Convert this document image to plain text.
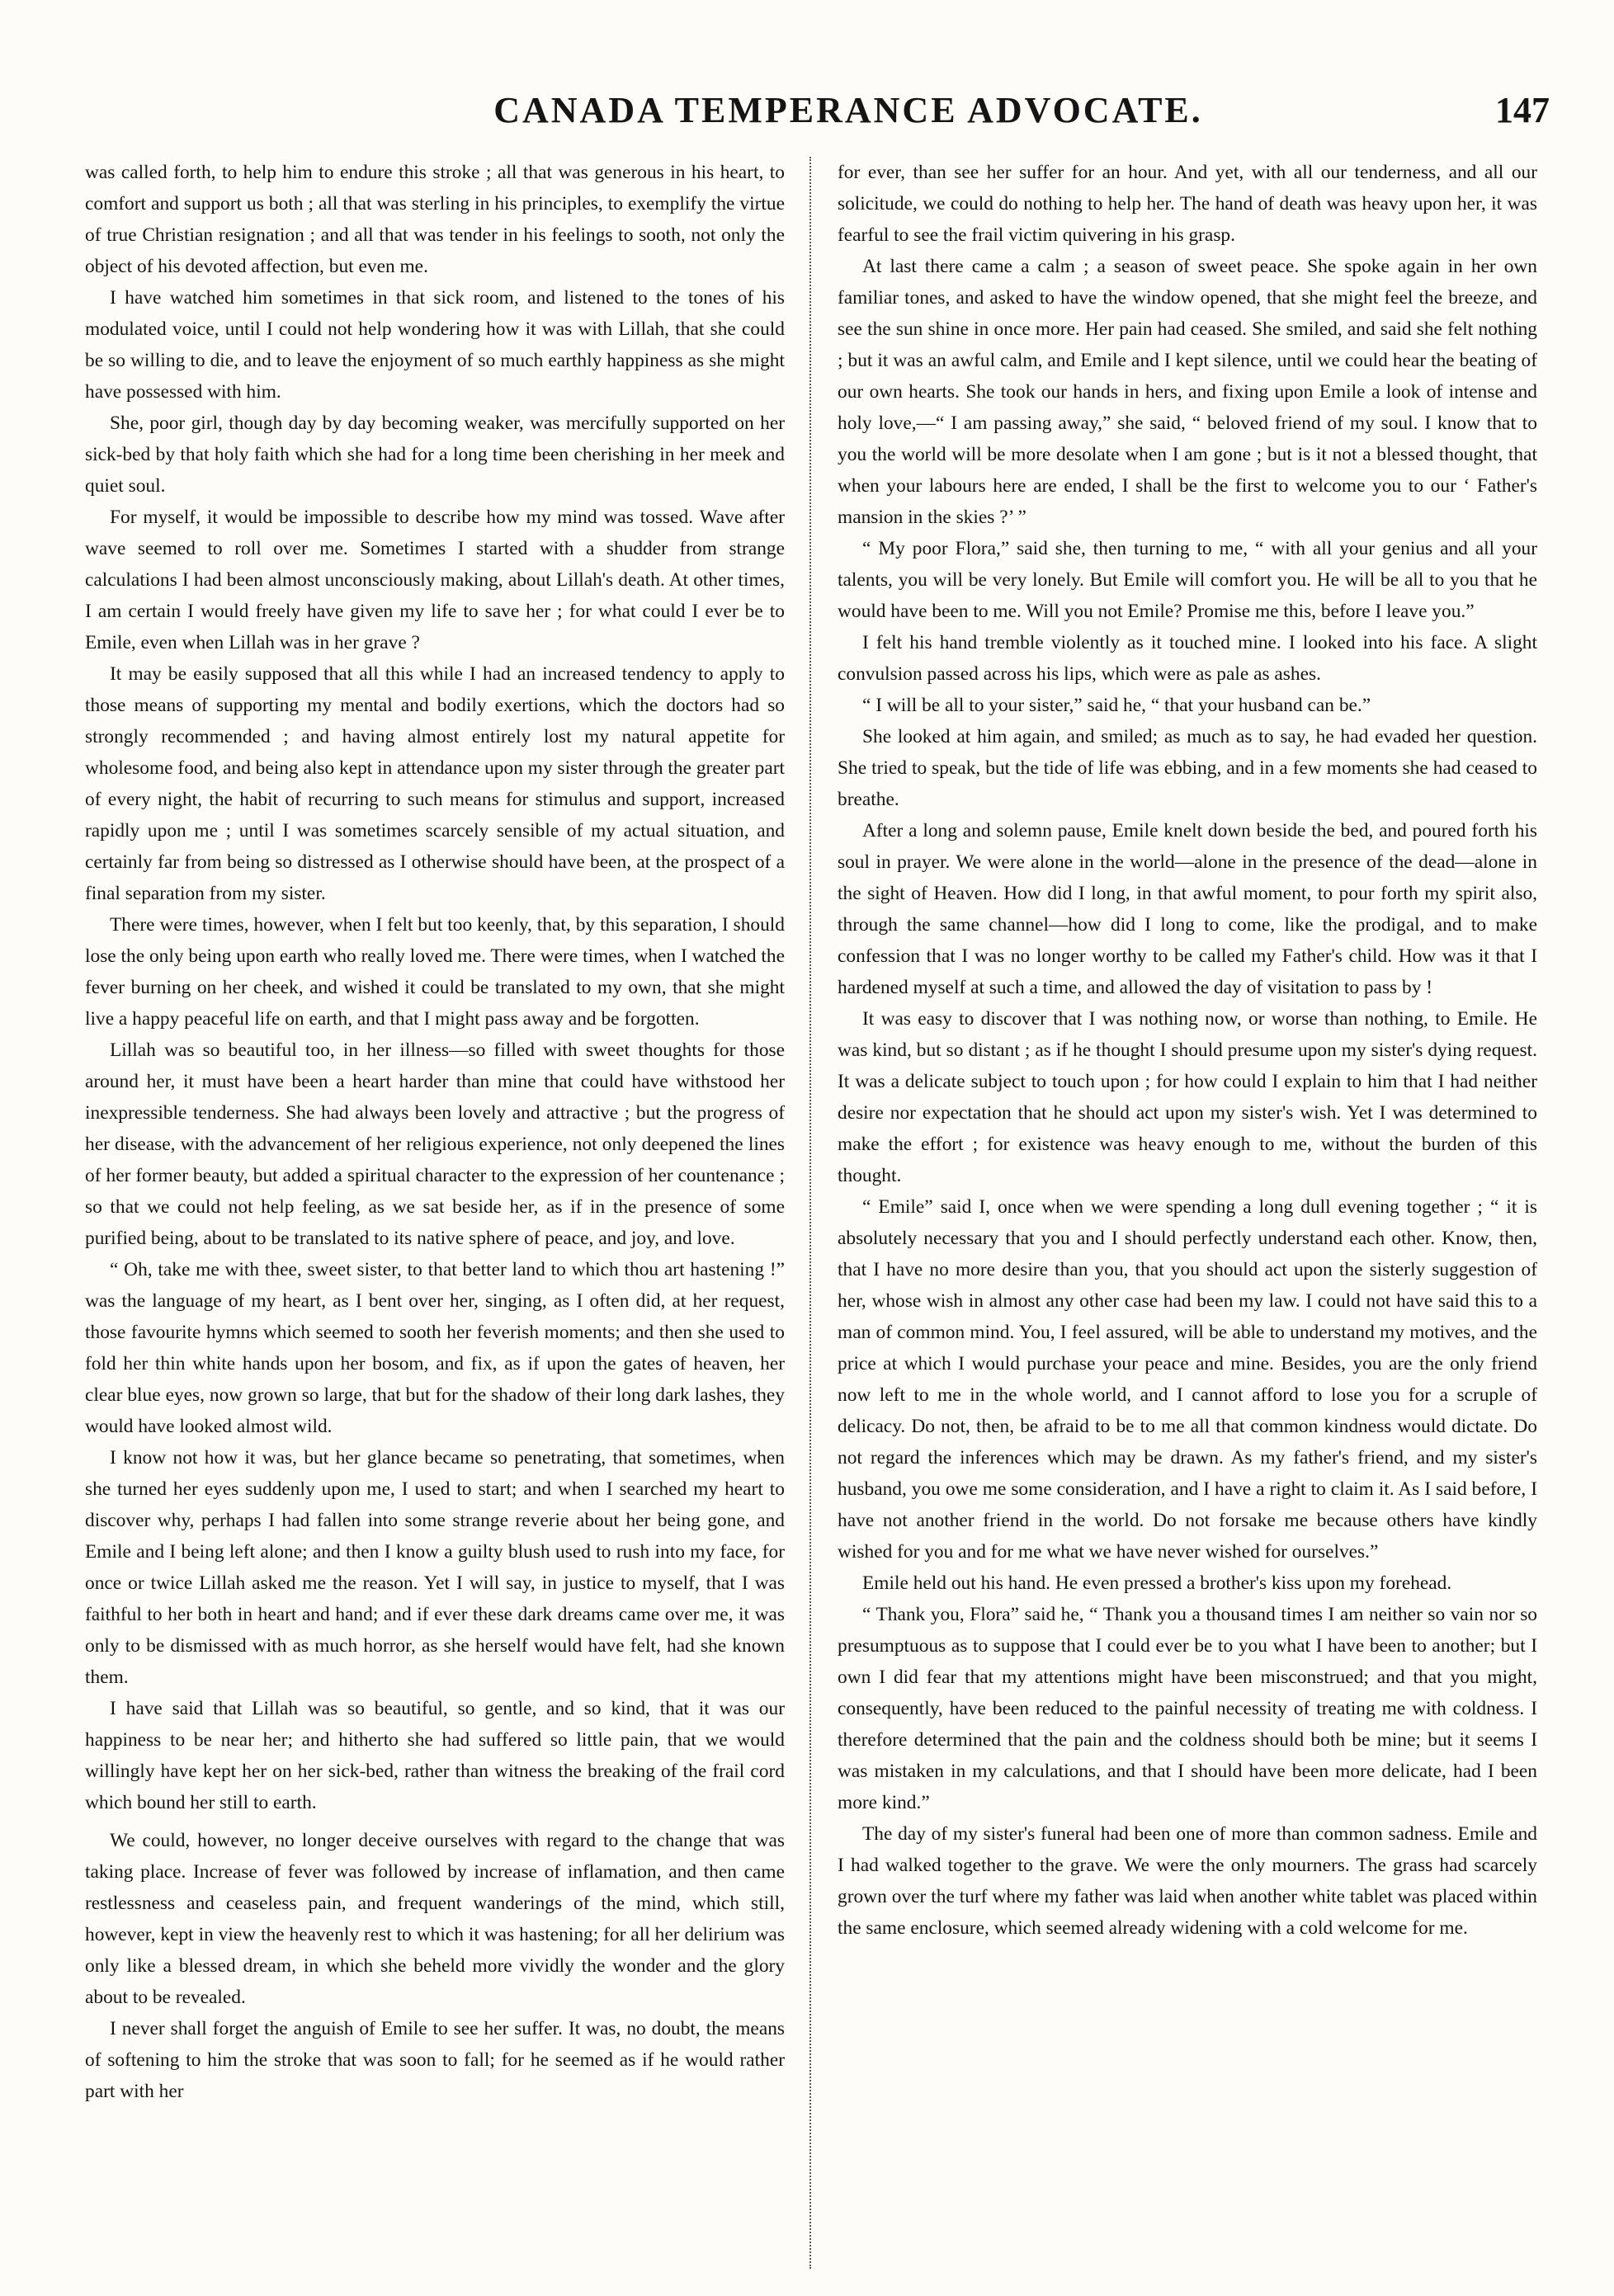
CANADA TEMPERANCE ADVOCATE.	147

was called forth, to help him to endure this stroke ; all that was generous in his heart, to comfort and support us both ; all that was sterling in his principles, to exemplify the virtue of true Christian resignation ; and all that was tender in his feelings to sooth, not only the object of his devoted affection, but even me.

I have watched him sometimes in that sick room, and listened to the tones of his modulated voice, until I could not help wondering how it was with Lillah, that she could be so willing to die, and to leave the enjoyment of so much earthly happiness as she might have possessed with him.

She, poor girl, though day by day becoming weaker, was mercifully supported on her sick-bed by that holy faith which she had for a long time been cherishing in her meek and quiet soul.

For myself, it would be impossible to describe how my mind was tossed. Wave after wave seemed to roll over me. Sometimes I started with a shudder from strange calculations I had been almost unconsciously making, about Lillah's death. At other times, I am certain I would freely have given my life to save her ; for what could I ever be to Emile, even when Lillah was in her grave ?

It may be easily supposed that all this while I had an increased tendency to apply to those means of supporting my mental and bodily exertions, which the doctors had so strongly recommended ; and having almost entirely lost my natural appetite for wholesome food, and being also kept in attendance upon my sister through the greater part of every night, the habit of recurring to such means for stimulus and support, increased rapidly upon me ; until I was sometimes scarcely sensible of my actual situation, and certainly far from being so distressed as I otherwise should have been, at the prospect of a final separation from my sister.

There were times, however, when I felt but too keenly, that, by this separation, I should lose the only being upon earth who really loved me. There were times, when I watched the fever burning on her cheek, and wished it could be translated to my own, that she might live a happy peaceful life on earth, and that I might pass away and be forgotten.

Lillah was so beautiful too, in her illness—so filled with sweet thoughts for those around her, it must have been a heart harder than mine that could have withstood her inexpressible tenderness. She had always been lovely and attractive ; but the progress of her disease, with the advancement of her religious experience, not only deepened the lines of her former beauty, but added a spiritual character to the expression of her countenance ; so that we could not help feeling, as we sat beside her, as if in the presence of some purified being, about to be translated to its native sphere of peace, and joy, and love.

“ Oh, take me with thee, sweet sister, to that better land to which thou art hastening !” was the language of my heart, as I bent over her, singing, as I often did, at her request, those favourite hymns which seemed to sooth her feverish moments; and then she used to fold her thin white hands upon her bosom, and fix, as if upon the gates of heaven, her clear blue eyes, now grown so large, that but for the shadow of their long dark lashes, they would have looked almost wild.

I know not how it was, but her glance became so penetrating, that sometimes, when she turned her eyes suddenly upon me, I used to start; and when I searched my heart to discover why, perhaps I had fallen into some strange reverie about her being gone, and Emile and I being left alone; and then I know a guilty blush used to rush into my face, for once or twice Lillah asked me the reason. Yet I will say, in justice to myself, that I was faithful to her both in heart and hand; and if ever these dark dreams came over me, it was only to be dismissed with as much horror, as she herself would have felt, had she known them.

I have said that Lillah was so beautiful, so gentle, and so kind, that it was our happiness to be near her; and hitherto she had suffered so little pain, that we would willingly have kept her on her sick-bed, rather than witness the breaking of the frail cord which bound her still to earth.

We could, however, no longer deceive ourselves with regard to the change that was taking place. Increase of fever was followed by increase of inflamation, and then came restlessness and ceaseless pain, and frequent wanderings of the mind, which still, however, kept in view the heavenly rest to which it was hastening; for all her delirium was only like a blessed dream, in which she beheld more vividly the wonder and the glory about to be revealed.

I never shall forget the anguish of Emile to see her suffer. It was, no doubt, the means of softening to him the stroke that was soon to fall; for he seemed as if he would rather part with her

for ever, than see her suffer for an hour. And yet, with all our tenderness, and all our solicitude, we could do nothing to help her. The hand of death was heavy upon her, it was fearful to see the frail victim quivering in his grasp.

At last there came a calm ; a season of sweet peace. She spoke again in her own familiar tones, and asked to have the window opened, that she might feel the breeze, and see the sun shine in once more. Her pain had ceased. She smiled, and said she felt nothing ; but it was an awful calm, and Emile and I kept silence, until we could hear the beating of our own hearts. She took our hands in hers, and fixing upon Emile a look of intense and holy love,—“ I am passing away,” she said, “ beloved friend of my soul. I know that to you the world will be more desolate when I am gone ; but is it not a blessed thought, that when your labours here are ended, I shall be the first to welcome you to our ‘ Father's mansion in the skies ?’ ”

“ My poor Flora,” said she, then turning to me, “ with all your genius and all your talents, you will be very lonely. But Emile will comfort you. He will be all to you that he would have been to me. Will you not Emile? Promise me this, before I leave you.”

I felt his hand tremble violently as it touched mine. I looked into his face. A slight convulsion passed across his lips, which were as pale as ashes.

“ I will be all to your sister,” said he, “ that your husband can be.”

She looked at him again, and smiled; as much as to say, he had evaded her question. She tried to speak, but the tide of life was ebbing, and in a few moments she had ceased to breathe.

After a long and solemn pause, Emile knelt down beside the bed, and poured forth his soul in prayer. We were alone in the world—alone in the presence of the dead—alone in the sight of Heaven. How did I long, in that awful moment, to pour forth my spirit also, through the same channel—how did I long to come, like the prodigal, and to make confession that I was no longer worthy to be called my Father's child. How was it that I hardened myself at such a time, and allowed the day of visitation to pass by !

It was easy to discover that I was nothing now, or worse than nothing, to Emile. He was kind, but so distant ; as if he thought I should presume upon my sister's dying request. It was a delicate subject to touch upon ; for how could I explain to him that I had neither desire nor expectation that he should act upon my sister's wish. Yet I was determined to make the effort ; for existence was heavy enough to me, without the burden of this thought.

“ Emile” said I, once when we were spending a long dull evening together ; “ it is absolutely necessary that you and I should perfectly understand each other. Know, then, that I have no more desire than you, that you should act upon the sisterly suggestion of her, whose wish in almost any other case had been my law. I could not have said this to a man of common mind. You, I feel assured, will be able to understand my motives, and the price at which I would purchase your peace and mine. Besides, you are the only friend now left to me in the whole world, and I cannot afford to lose you for a scruple of delicacy. Do not, then, be afraid to be to me all that common kindness would dictate. Do not regard the inferences which may be drawn. As my father's friend, and my sister's husband, you owe me some consideration, and I have a right to claim it. As I said before, I have not another friend in the world. Do not forsake me because others have kindly wished for you and for me what we have never wished for ourselves.”

Emile held out his hand. He even pressed a brother's kiss upon my forehead.

“ Thank you, Flora” said he, “ Thank you a thousand times I am neither so vain nor so presumptuous as to suppose that I could ever be to you what I have been to another; but I own I did fear that my attentions might have been misconstrued; and that you might, consequently, have been reduced to the painful necessity of treating me with coldness. I therefore determined that the pain and the coldness should both be mine; but it seems I was mistaken in my calculations, and that I should have been more delicate, had I been more kind.”

The day of my sister's funeral had been one of more than common sadness. Emile and I had walked together to the grave. We were the only mourners. The grass had scarcely grown over the turf where my father was laid when another white tablet was placed within the same enclosure, which seemed already widening with a cold welcome for me.
